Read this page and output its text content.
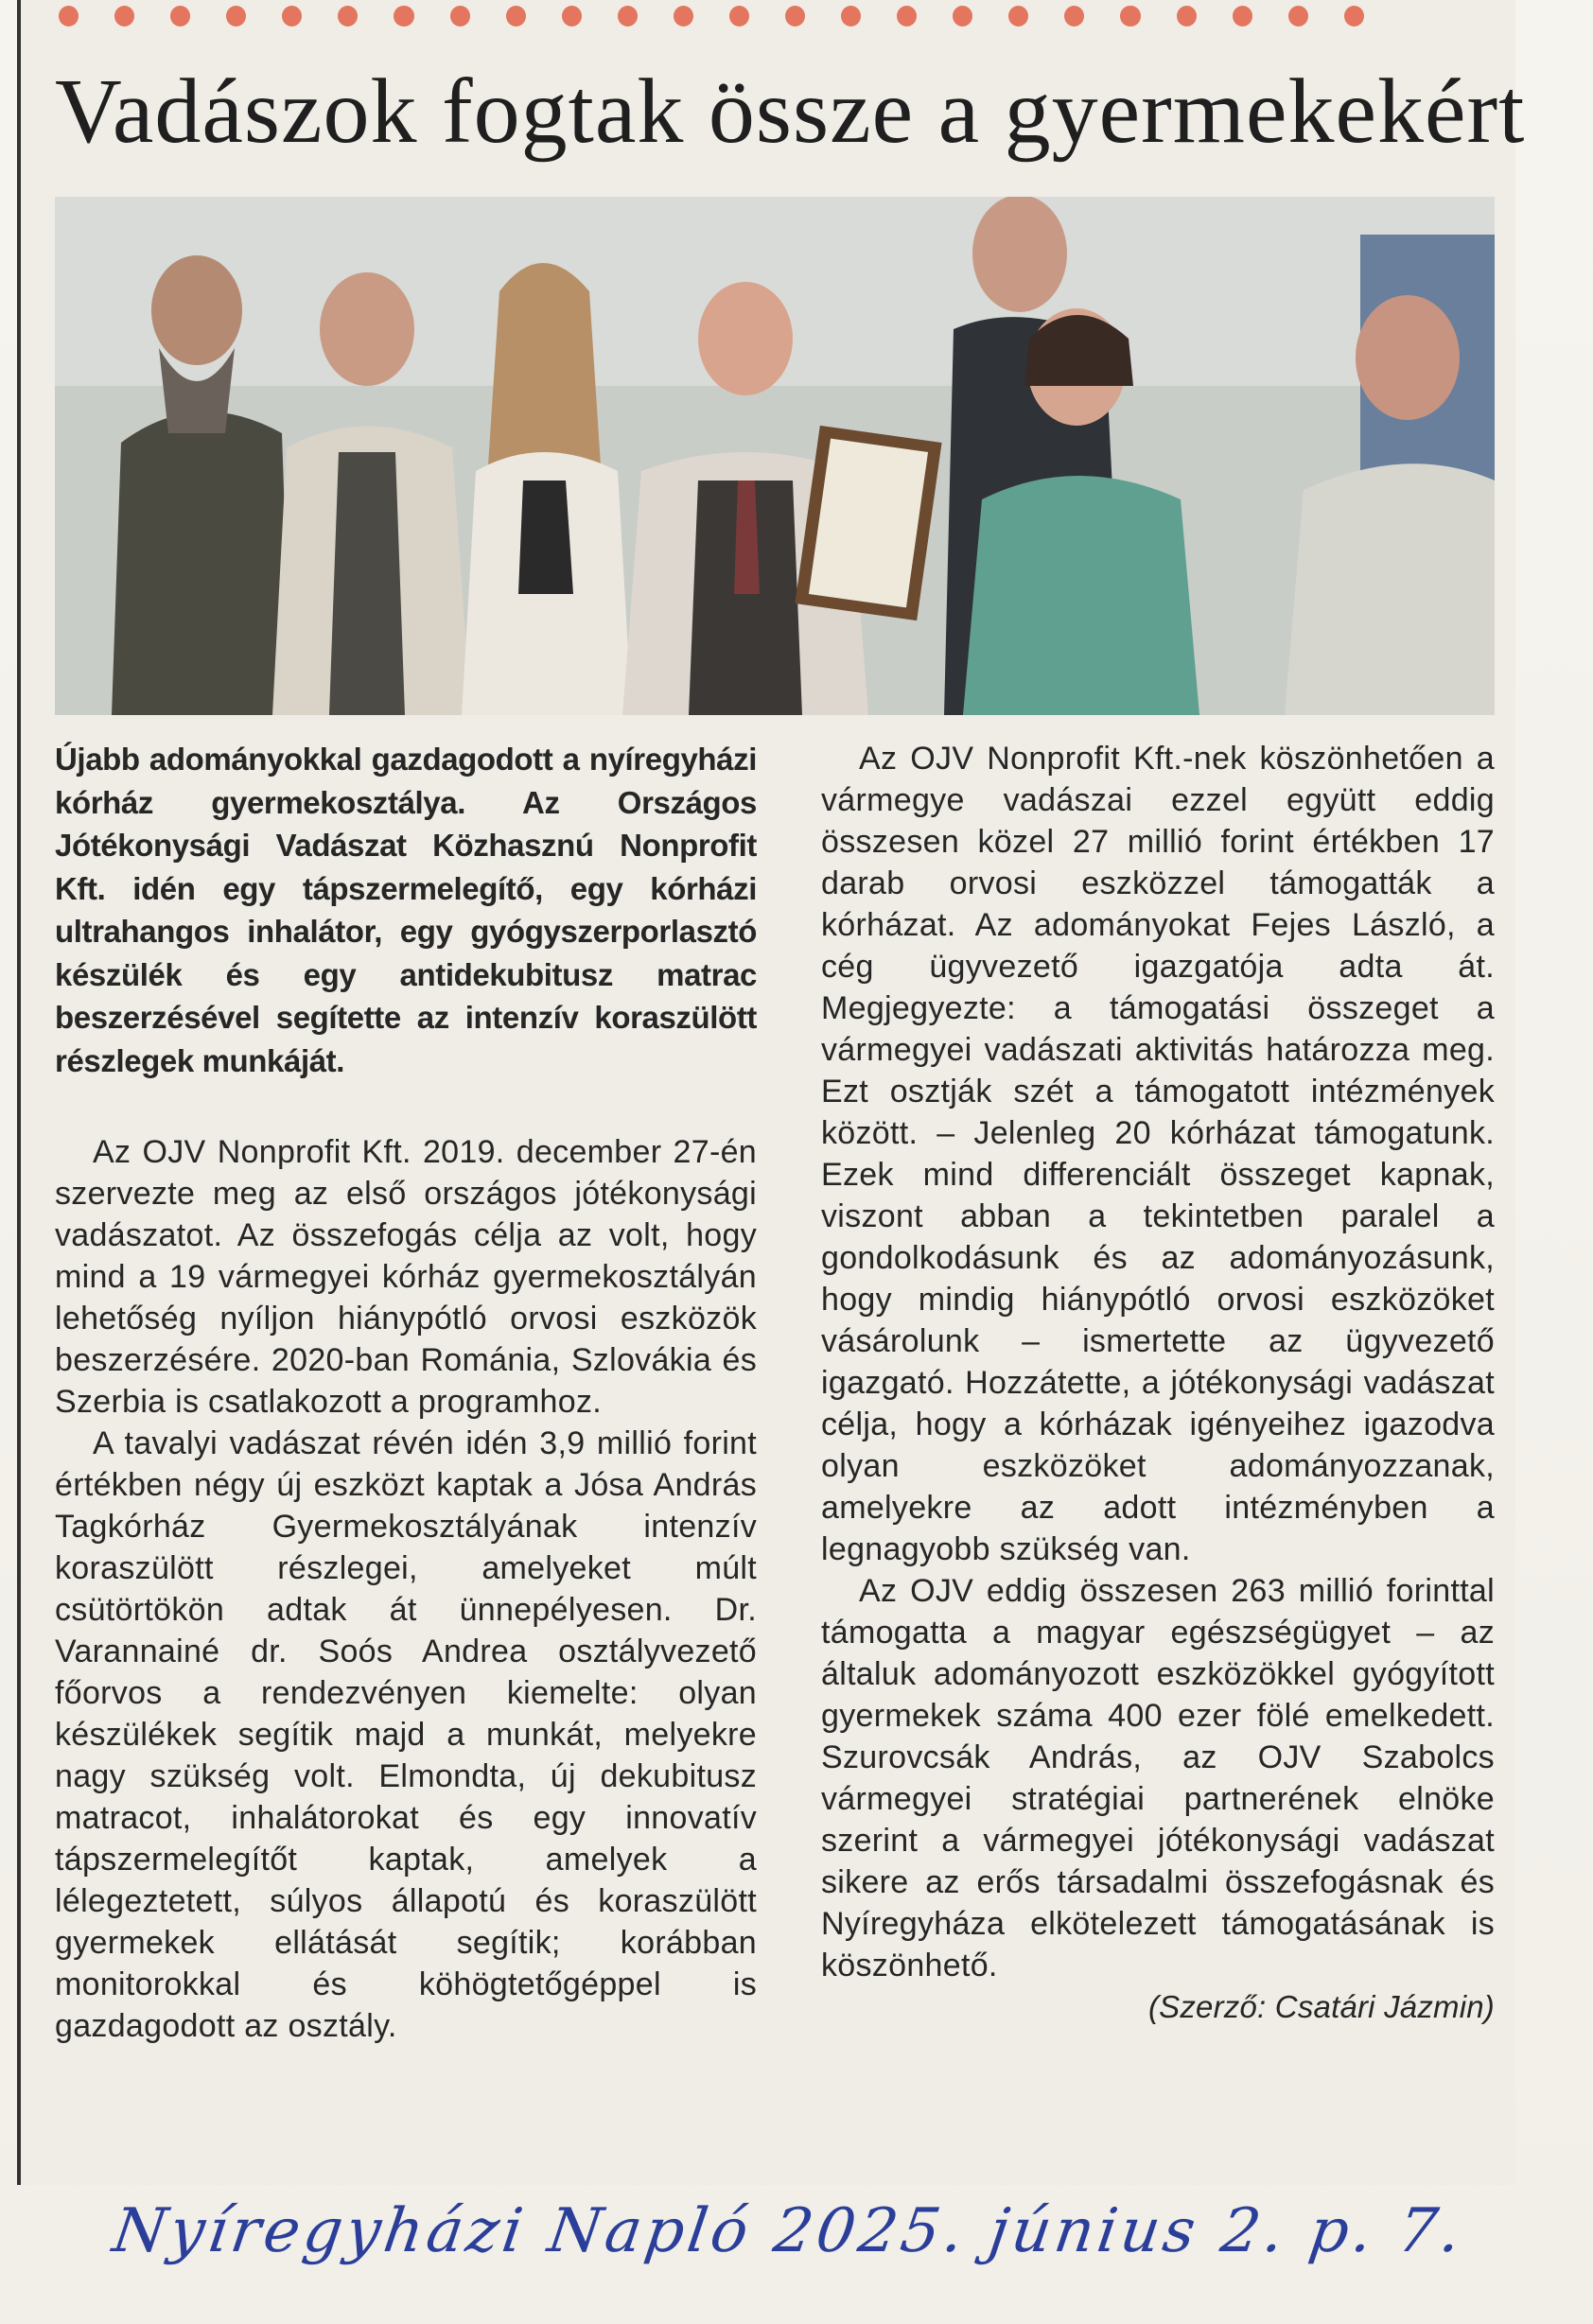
Vadászok fogtak össze a gyermekekért

Újabb adományokkal gazdagodott a nyíregyházi kórház gyermekosztálya. Az Országos Jótékonysági Vadászat Közhasznú Nonprofit Kft. idén egy tápszermelegítő, egy kórházi ultrahangos inhalátor, egy gyógyszerporlasztó készülék és egy antidekubitusz matrac beszerzésével segítette az intenzív koraszülött részlegek munkáját.

Az OJV Nonprofit Kft. 2019. december 27-én szervezte meg az első országos jótékonysági vadászatot. Az összefogás célja az volt, hogy mind a 19 vármegyei kórház gyermekosztályán lehetőség nyíljon hiánypótló orvosi eszközök beszerzésére. 2020-ban Románia, Szlovákia és Szerbia is csatlakozott a programhoz.

A tavalyi vadászat révén idén 3,9 millió forint értékben négy új eszközt kaptak a Jósa András Tagkórház Gyermekosztályának intenzív koraszülött részlegei, amelyeket múlt csütörtökön adtak át ünnepélyesen. Dr. Varannainé dr. Soós Andrea osztályvezető főorvos a rendezvényen kiemelte: olyan készülékek segítik majd a munkát, melyekre nagy szükség volt. Elmondta, új dekubitusz matracot, inhalátorokat és egy innovatív tápszermelegítőt kaptak, amelyek a lélegeztetett, súlyos állapotú és koraszülött gyermekek ellátását segítik; korábban monitorokkal és köhögtetőgéppel is gazdagodott az osztály.

Az OJV Nonprofit Kft.-nek köszönhetően a vármegye vadászai ezzel együtt eddig összesen közel 27 millió forint értékben 17 darab orvosi eszközzel támogatták a kórházat. Az adományokat Fejes László, a cég ügyvezető igazgatója adta át. Megjegyezte: a támogatási összeget a vármegyei vadászati aktivitás határozza meg. Ezt osztják szét a támogatott intézmények között. – Jelenleg 20 kórházat támogatunk. Ezek mind differenciált összeget kapnak, viszont abban a tekintetben paralel a gondolkodásunk és az adományozásunk, hogy mindig hiánypótló orvosi eszközöket vásárolunk – ismertette az ügyvezető igazgató. Hozzátette, a jótékonysági vadászat célja, hogy a kórházak igényeihez igazodva olyan eszközöket adományozzanak, amelyekre az adott intézményben a legnagyobb szükség van.

Az OJV eddig összesen 263 millió forinttal támogatta a magyar egészségügyet – az általuk adományozott eszközökkel gyógyított gyermekek száma 400 ezer fölé emelkedett. Szurovcsák András, az OJV Szabolcs vármegyei stratégiai partnerének elnöke szerint a vármegyei jótékonysági vadászat sikere az erős társadalmi összefogásnak és Nyíregyháza elkötelezett támogatásának is köszönhető.

(Szerző: Csatári Jázmin)

Nyíregyházi Napló 2025. június 2. p. 7.
